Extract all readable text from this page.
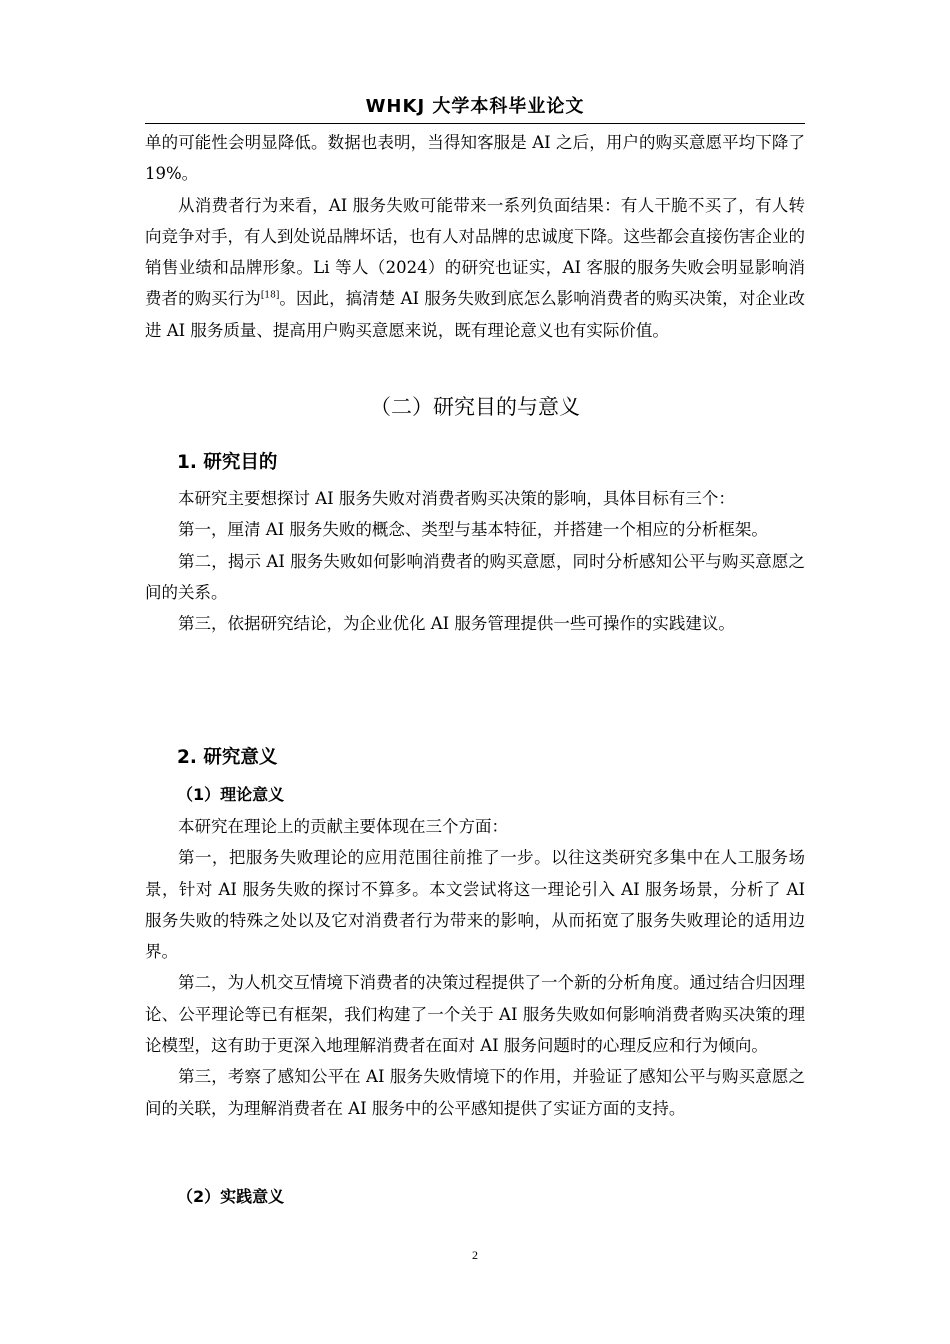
WHKJ 大学本科毕业论文

单的可能性会明显降低。数据也表明，当得知客服是 AI 之后，用户的购买意愿平均下降了 19%。

从消费者行为来看，AI 服务失败可能带来一系列负面结果：有人干脆不买了，有人转向竞争对手，有人到处说品牌坏话，也有人对品牌的忠诚度下降。这些都会直接伤害企业的销售业绩和品牌形象。Li 等人（2024）的研究也证实，AI 客服的服务失败会明显影响消费者的购买行为[18]。因此，搞清楚 AI 服务失败到底怎么影响消费者的购买决策，对企业改进 AI 服务质量、提高用户购买意愿来说，既有理论意义也有实际价值。

（二）研究目的与意义
1. 研究目的

本研究主要想探讨 AI 服务失败对消费者购买决策的影响，具体目标有三个：

第一，厘清 AI 服务失败的概念、类型与基本特征，并搭建一个相应的分析框架。

第二，揭示 AI 服务失败如何影响消费者的购买意愿，同时分析感知公平与购买意愿之间的关系。

第三，依据研究结论，为企业优化 AI 服务管理提供一些可操作的实践建议。

2. 研究意义
（1）理论意义

本研究在理论上的贡献主要体现在三个方面：

第一，把服务失败理论的应用范围往前推了一步。以往这类研究多集中在人工服务场景，针对 AI 服务失败的探讨不算多。本文尝试将这一理论引入 AI 服务场景，分析了 AI 服务失败的特殊之处以及它对消费者行为带来的影响，从而拓宽了服务失败理论的适用边界。

第二，为人机交互情境下消费者的决策过程提供了一个新的分析角度。通过结合归因理论、公平理论等已有框架，我们构建了一个关于 AI 服务失败如何影响消费者购买决策的理论模型，这有助于更深入地理解消费者在面对 AI 服务问题时的心理反应和行为倾向。

第三，考察了感知公平在 AI 服务失败情境下的作用，并验证了感知公平与购买意愿之间的关联，为理解消费者在 AI 服务中的公平感知提供了实证方面的支持。

（2）实践意义
2
